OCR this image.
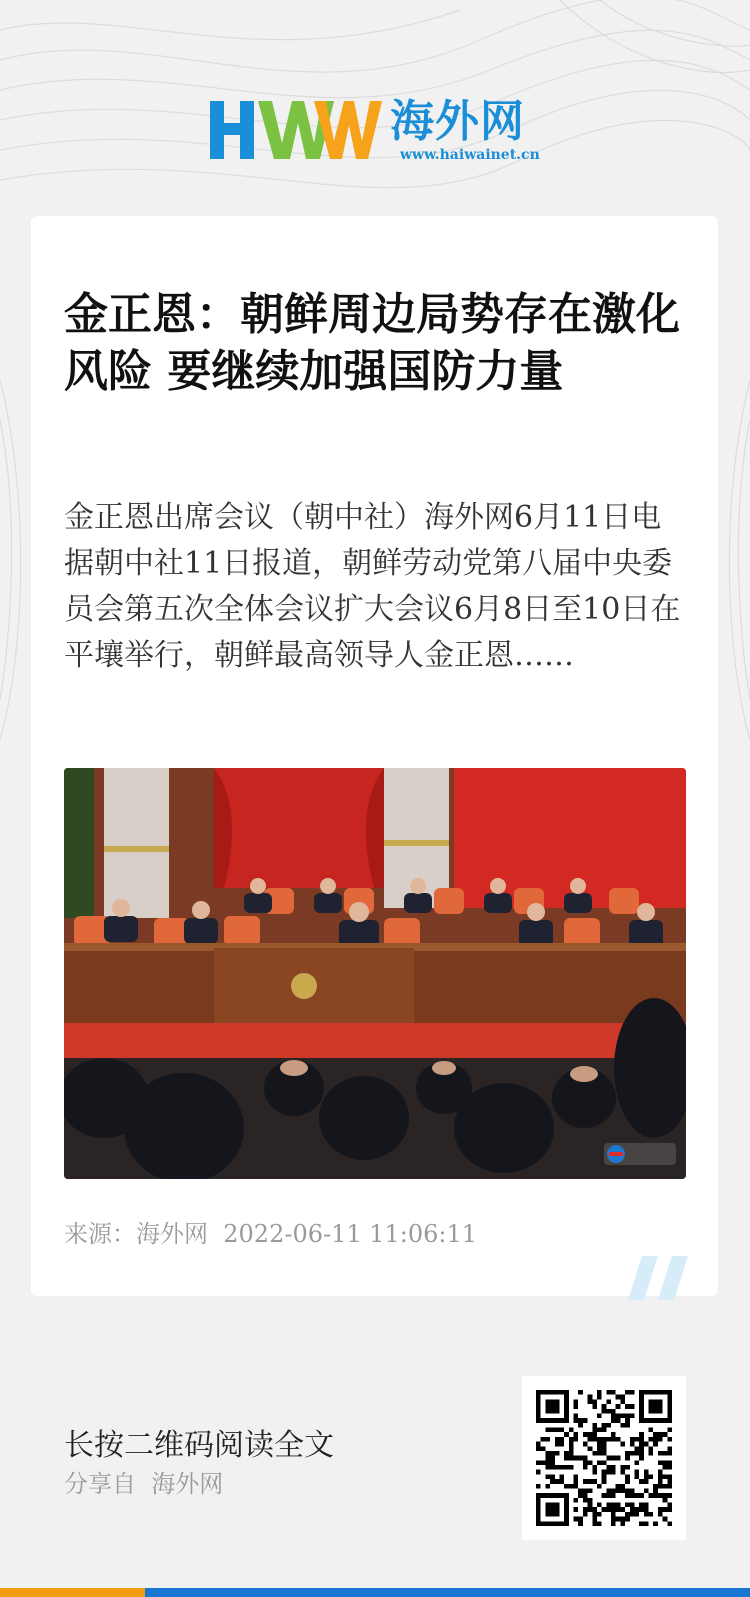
海外网
www.haiwainet.cn
金正恩：朝鲜周边局势存在激化风险 要继续加强国防力量

金正恩出席会议（朝中社）海外网6月11日电　据朝中社11日报道，朝鲜劳动党第八届中央委员会第五次全体会议扩大会议6月8日至10日在平壤举行，朝鲜最高领导人金正恩……

来源：海外网 2022-06-11 11:06:11
长按二维码阅读全文
分享自 海外网
